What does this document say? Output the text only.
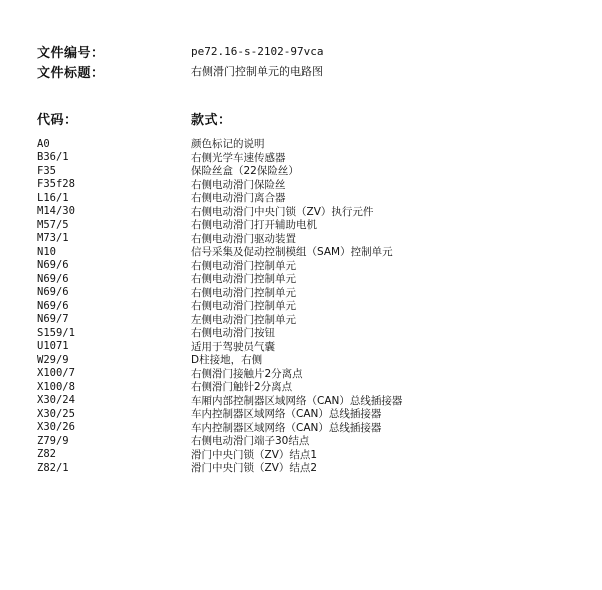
文件编号：	pe72.16-s-2102-97vca
文件标题：	右侧滑门控制单元的电路图
代码：	款式：
A0	颜色标记的说明
B36/1	右侧光学车速传感器
F35	保险丝盒（22保险丝）
F35f28	右侧电动滑门保险丝
L16/1	右侧电动滑门离合器
M14/30	右侧电动滑门中央门锁（ZV）执行元件
M57/5	右侧电动滑门打开辅助电机
M73/1	右侧电动滑门驱动装置
N10	信号采集及促动控制模组（SAM）控制单元
N69/6	右侧电动滑门控制单元
N69/6	右侧电动滑门控制单元
N69/6	右侧电动滑门控制单元
N69/6	右侧电动滑门控制单元
N69/7	左侧电动滑门控制单元
S159/1	右侧电动滑门按钮
U1071	适用于驾驶员气囊
W29/9	D柱接地，右侧
X100/7	右侧滑门接触片2分离点
X100/8	右侧滑门触针2分离点
X30/24	车厢内部控制器区域网络（CAN）总线插接器
X30/25	车内控制器区域网络（CAN）总线插接器
X30/26	车内控制器区域网络（CAN）总线插接器
Z79/9	右侧电动滑门端子30结点
Z82	滑门中央门锁（ZV）结点1
Z82/1	滑门中央门锁（ZV）结点2
